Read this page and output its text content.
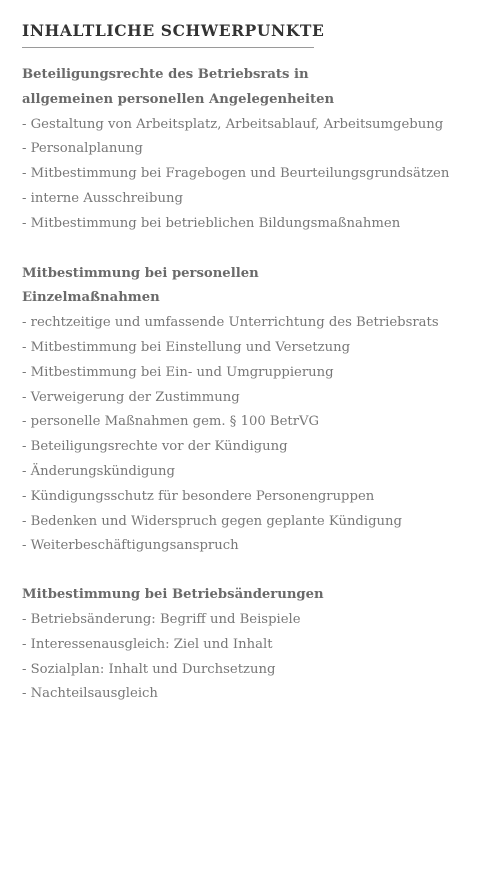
INHALTLICHE SCHWERPUNKTE

Beteiligungsrechte des Betriebsrats in

allgemeinen personellen Angelegenheiten

- Gestaltung von Arbeitsplatz, Arbeitsablauf, Arbeitsumgebung

- Personalplanung

- Mitbestimmung bei Fragebogen und Beurteilungsgrundsätzen

- interne Ausschreibung

- Mitbestimmung bei betrieblichen Bildungsmaßnahmen

Mitbestimmung bei personellen

Einzelmaßnahmen

- rechtzeitige und umfassende Unterrichtung des Betriebsrats

- Mitbestimmung bei Einstellung und Versetzung

- Mitbestimmung bei Ein- und Umgruppierung

- Verweigerung der Zustimmung

- personelle Maßnahmen gem. § 100 BetrVG

- Beteiligungsrechte vor der Kündigung

- Änderungskündigung

- Kündigungsschutz für besondere Personengruppen

- Bedenken und Widerspruch gegen geplante Kündigung

- Weiterbeschäftigungsanspruch

Mitbestimmung bei Betriebsänderungen

- Betriebsänderung: Begriff und Beispiele

- Interessenausgleich: Ziel und Inhalt

- Sozialplan: Inhalt und Durchsetzung

- Nachteilsausgleich
